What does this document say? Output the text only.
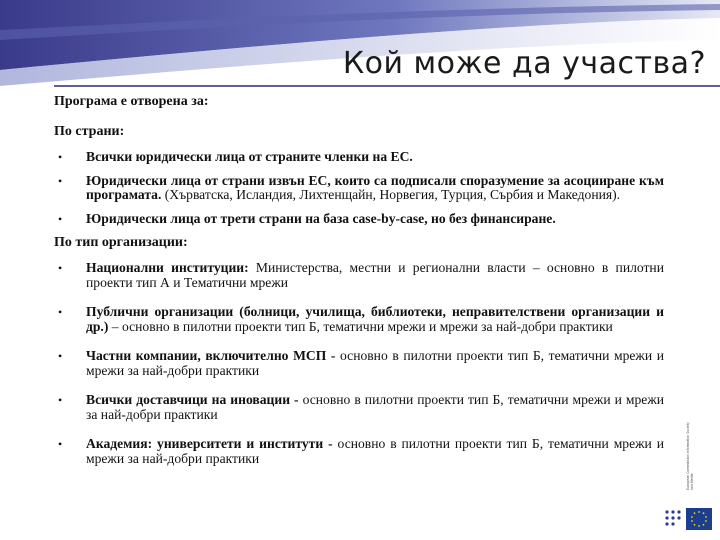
Кой може да участва?

Програма е отворена за:

По страни:

• Всички юридически лица от страните членки на ЕС.
• Юридически лица от страни извън ЕС, които са подписали споразумение за асоцииране към програмата. (Хърватска, Исландия, Лихтенщайн, Норвегия, Турция, Сърбия и Македония).
• Юридически лица от трети страни на база case-by-case, но без финансиране.

По тип организации:

• Национални институции: Министерства, местни и регионални власти – основно в пилотни проекти тип А и Тематични мрежи
• Публични организации (болници, училища, библиотеки, неправителствени организации и др.) – основно в пилотни проекти тип Б, тематични мрежи и мрежи за най-добри практики
• Частни компании, включително МСП - основно в пилотни проекти тип Б, тематични мрежи и мрежи за най-добри практики
• Всички доставчици на иновации - основно в пилотни проекти тип Б, тематични мрежи и мрежи за най-добри практики
• Академия: университети и институти - основно в пилотни проекти тип Б, тематични мрежи и мрежи за най-добри практики	European Commission Information Society and Media
